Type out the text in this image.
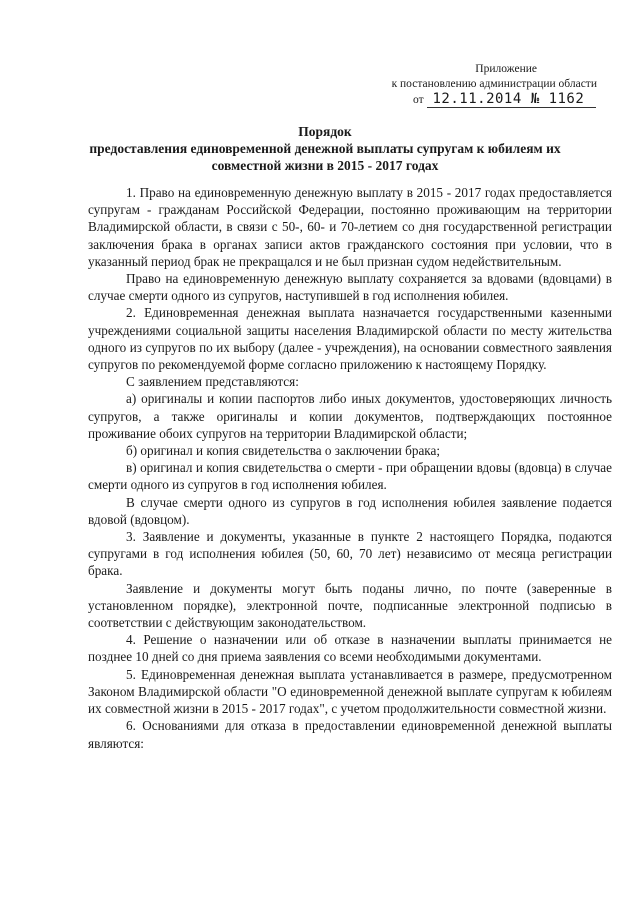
Приложение
к постановлению администрации области
от 12.11.2014 № 1162

Порядок

предоставления единовременной денежной выплаты супругам к юбилеям их совместной жизни в 2015 - 2017 годах

1. Право на единовременную денежную выплату в 2015 - 2017 годах предоставляется супругам - гражданам Российской Федерации, постоянно проживающим на территории Владимирской области, в связи с 50-, 60- и 70-летием со дня государственной регистрации заключения брака в органах записи актов гражданского состояния при условии, что в указанный период брак не прекращался и не был признан судом недействительным.

Право на единовременную денежную выплату сохраняется за вдовами (вдовцами) в случае смерти одного из супругов, наступившей в год исполнения юбилея.

2. Единовременная денежная выплата назначается государственными казенными учреждениями социальной защиты населения Владимирской области по месту жительства одного из супругов по их выбору (далее - учреждения), на основании совместного заявления супругов по рекомендуемой форме согласно приложению к настоящему Порядку.

С заявлением представляются:

а) оригиналы и копии паспортов либо иных документов, удостоверяющих личность супругов, а также оригиналы и копии документов, подтверждающих постоянное проживание обоих супругов на территории Владимирской области;

б) оригинал и копия свидетельства о заключении брака;

в) оригинал и копия свидетельства о смерти - при обращении вдовы (вдовца) в случае смерти одного из супругов в год исполнения юбилея.

В случае смерти одного из супругов в год исполнения юбилея заявление подается вдовой (вдовцом).

3. Заявление и документы, указанные в пункте 2 настоящего Порядка, подаются супругами в год исполнения юбилея (50, 60, 70 лет) независимо от месяца регистрации брака.

Заявление и документы могут быть поданы лично, по почте (заверенные в установленном порядке), электронной почте, подписанные электронной подписью в соответствии с действующим законодательством.

4. Решение о назначении или об отказе в назначении выплаты принимается не позднее 10 дней со дня приема заявления со всеми необходимыми документами.

5. Единовременная денежная выплата устанавливается в размере, предусмотренном Законом Владимирской области "О единовременной денежной выплате супругам к юбилеям их совместной жизни в 2015 - 2017 годах", с учетом продолжительности совместной жизни.

6. Основаниями для отказа в предоставлении единовременной денежной выплаты являются:
